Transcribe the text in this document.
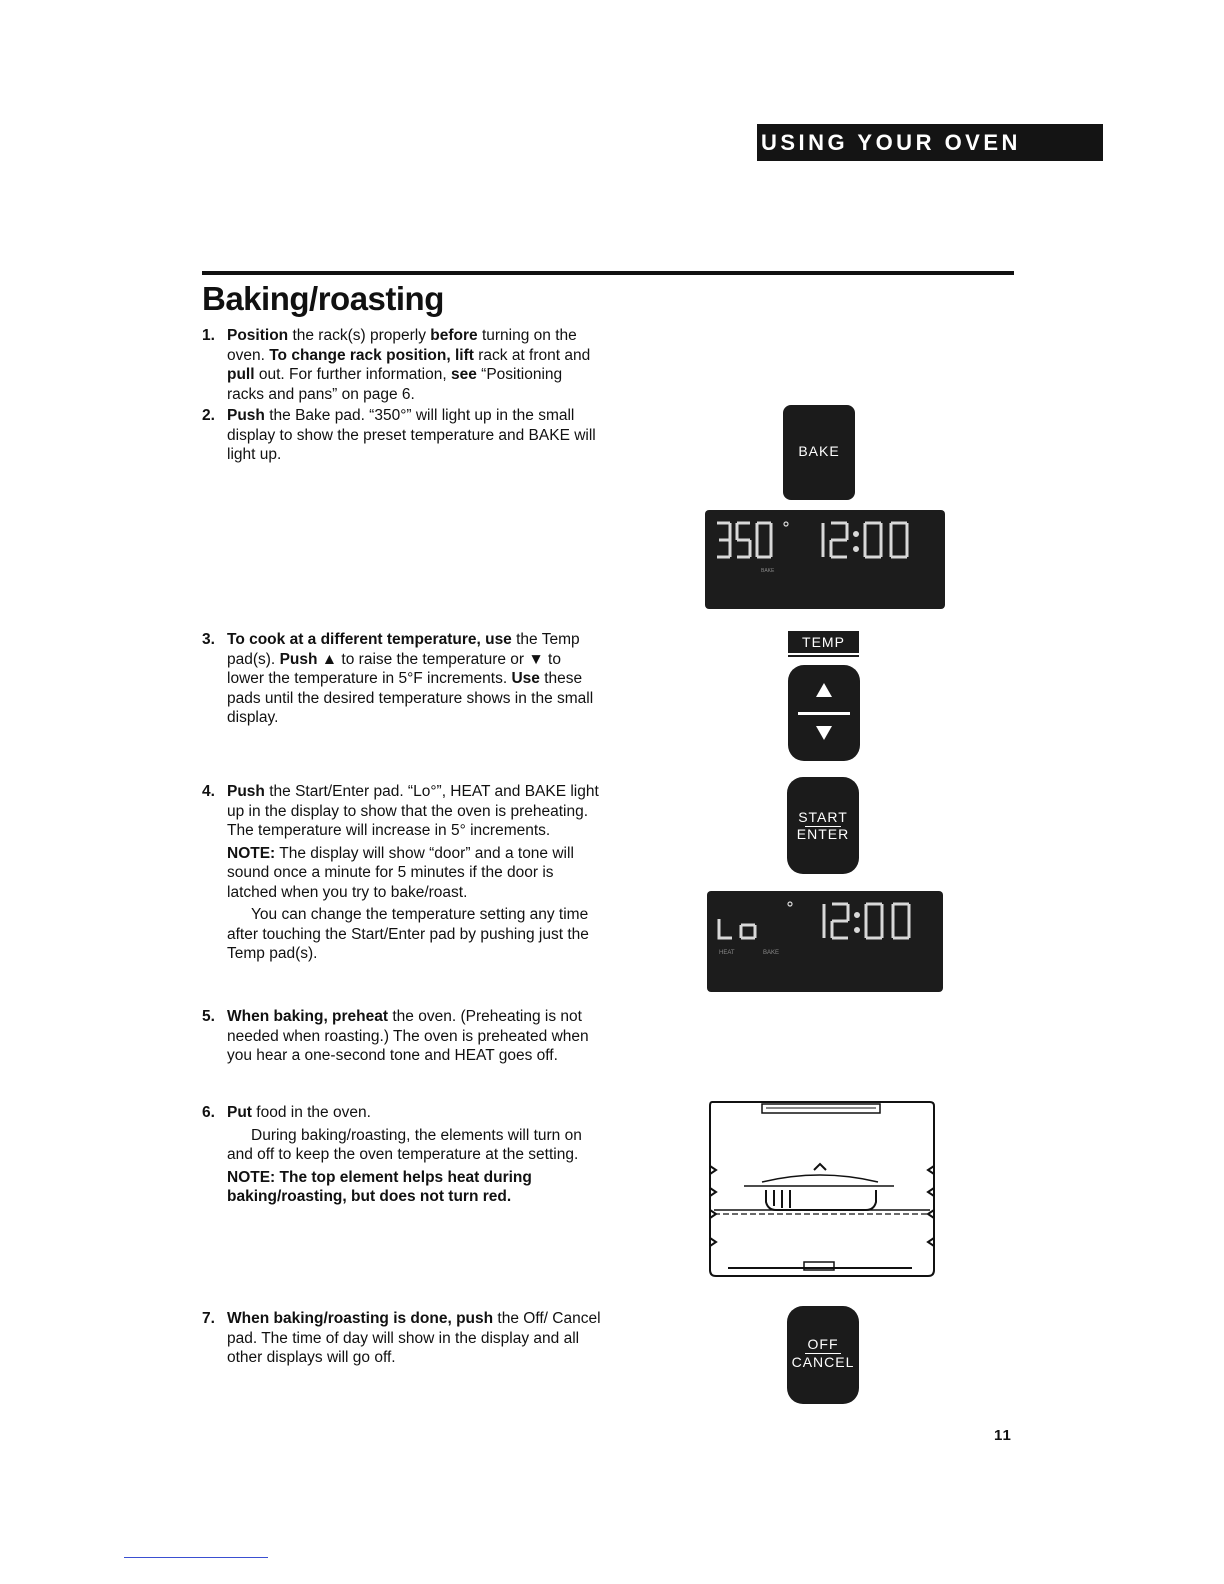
USING YOUR OVEN
Baking/roasting
1. Position the rack(s) properly before turning on the oven. To change rack position, lift rack at front and pull out. For further information, see “Positioning racks and pans” on page 6.

2. Push the Bake pad. “350°” will light up in the small display to show the preset temperature and BAKE will light up.

3. To cook at a different temperature, use the Temp pad(s). Push ▲ to raise the temperature or ▼ to lower the temperature in 5°F increments. Use these pads until the desired temperature shows in the small display.

4. Push the Start/Enter pad. “Lo°”, HEAT and BAKE light up in the display to show that the oven is preheating. The temperature will increase in 5° increments.

NOTE: The display will show “door” and a tone will sound once a minute for 5 minutes if the door is latched when you try to bake/roast.

You can change the temperature setting any time after touching the Start/Enter pad by pushing just the Temp pad(s).

5. When baking, preheat the oven. (Preheating is not needed when roasting.) The oven is preheated when you hear a one-second tone and HEAT goes off.

6. Put food in the oven.

During baking/roasting, the elements will turn on and off to keep the oven temperature at the setting.

NOTE: The top element helps heat during baking/roasting, but does not turn red.

7. When baking/roasting is done, push the Off/ Cancel pad. The time of day will show in the display and all other displays will go off.

BAKE
BAKE
TEMP
START
ENTER
HEAT	BAKE
OFF
CANCEL
11
